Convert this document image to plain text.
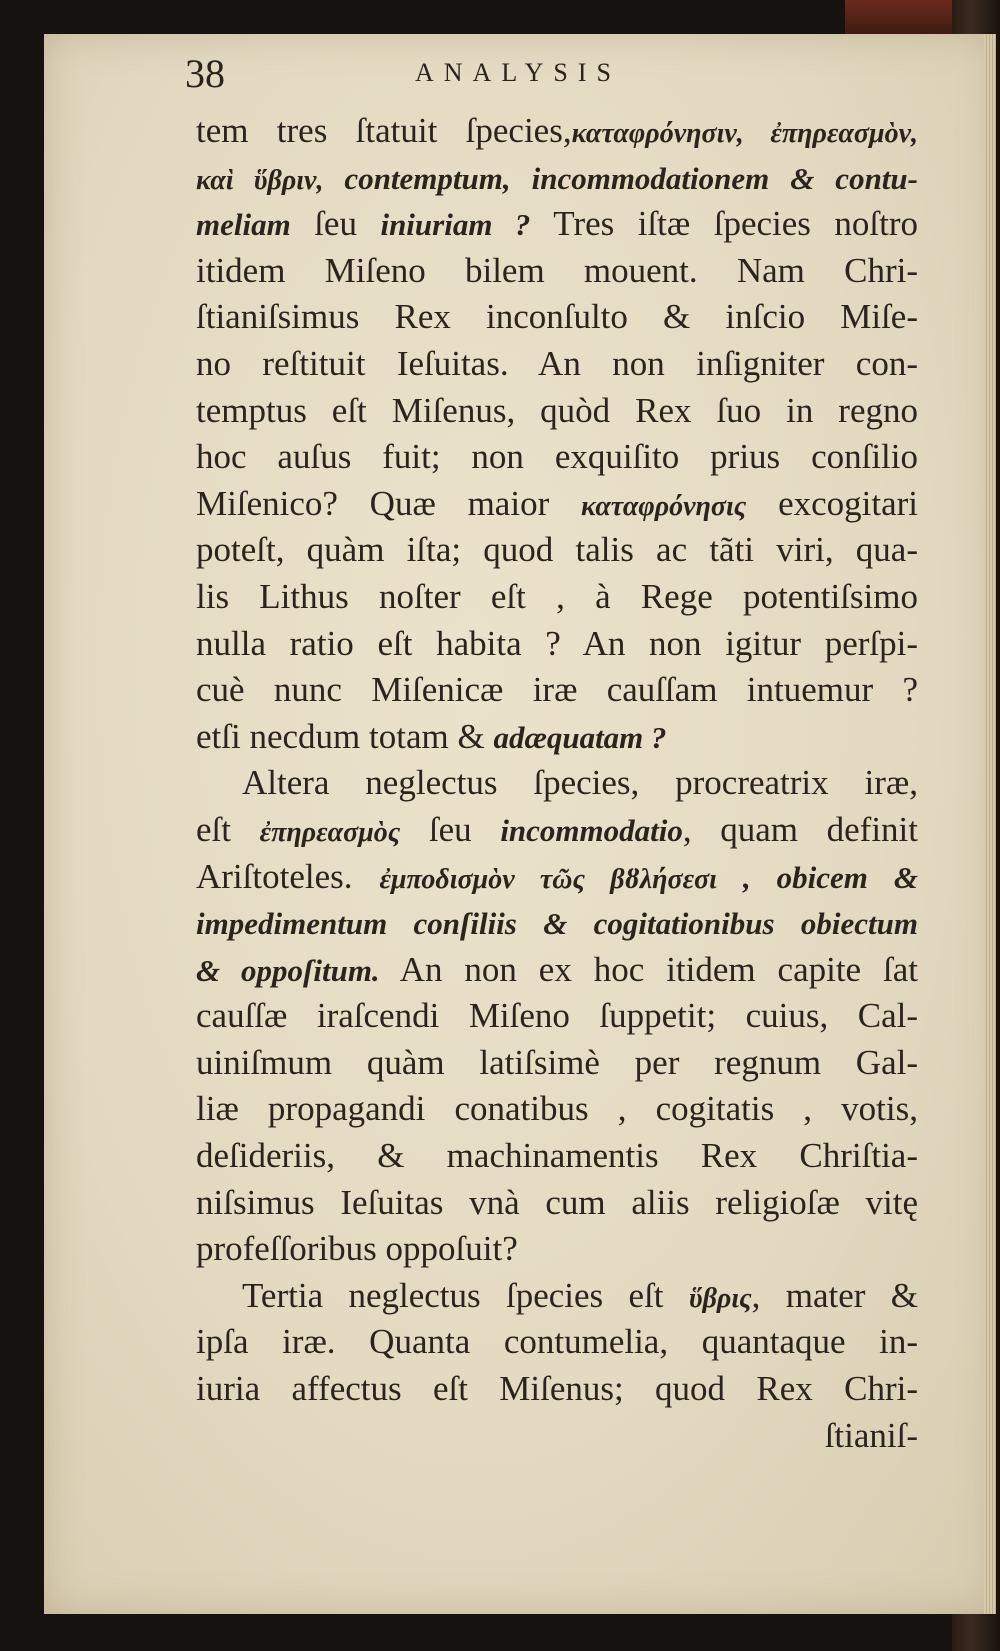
38	ANALYSIS
tem tres ſtatuit ſpecies,καταφρόνησιν, ἐπηρεασμὸν,
καὶ ὕβριν, contemptum, incommodationem & contu-
meliam ſeu iniuriam ? Tres iſtæ ſpecies noſtro
itidem Miſeno bilem mouent. Nam Chri-
ſtianiſsimus Rex inconſulto & inſcio Miſe-
no reſtituit Ieſuitas. An non inſigniter con-
temptus eſt Miſenus, quòd Rex ſuo in regno
hoc auſus fuit; non exquiſito prius conſilio
Miſenico? Quæ maior καταφρόνησις excogitari
poteſt, quàm iſta; quod talis ac tãti viri, qua-
lis Lithus noſter eſt , à Rege potentiſsimo
nulla ratio eſt habita ? An non igitur perſpi-
cuè nunc Miſenicæ iræ cauſſam intuemur ?
etſi necdum totam & adæquatam ?
Altera neglectus ſpecies, procreatrix iræ,
eſt ἐπηρεασμὸς ſeu incommodatio, quam definit
Ariſtoteles. ἐμποδισμὸν τῶς βȣλήσεσι , obicem &
impedimentum conſiliis & cogitationibus obiectum
& oppoſitum. An non ex hoc itidem capite ſat
cauſſæ iraſcendi Miſeno ſuppetit; cuius, Cal-
uiniſmum quàm latiſsimè per regnum Gal-
liæ propagandi conatibus , cogitatis , votis,
deſideriis, & machinamentis Rex Chriſtia-
niſsimus Ieſuitas vnà cum aliis religioſæ vitę
profeſſoribus oppoſuit?
Tertia neglectus ſpecies eſt ὕβρις, mater &
ipſa iræ. Quanta contumelia, quantaque in-
iuria affectus eſt Miſenus; quod Rex Chri-
ſtianiſ-
